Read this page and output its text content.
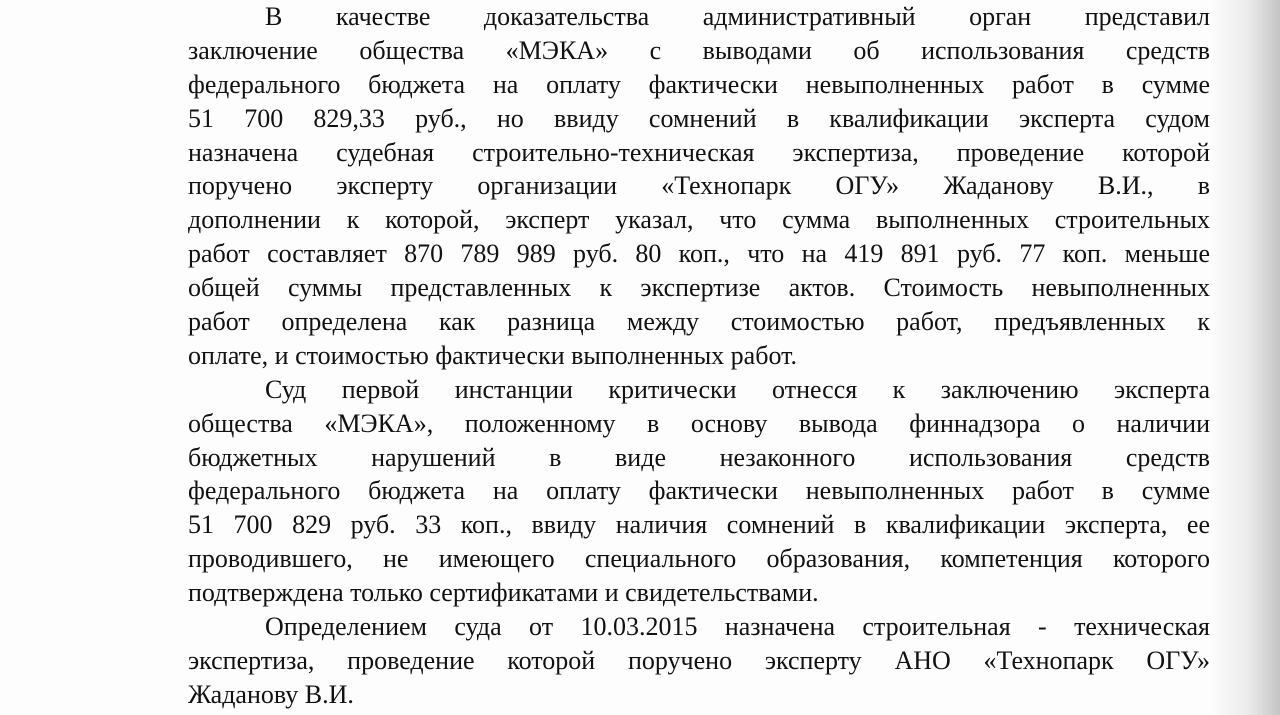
В качестве доказательства административный орган представил
заключение общества «МЭКА» с выводами об использования средств
федерального бюджета на оплату фактически невыполненных работ в сумме
51 700 829,33 руб., но ввиду сомнений в квалификации эксперта судом
назначена судебная строительно-техническая экспертиза, проведение которой
поручено эксперту организации «Технопарк ОГУ» Жаданову В.И., в
дополнении к которой, эксперт указал, что сумма выполненных строительных
работ составляет 870 789 989 руб. 80 коп., что на 419 891 руб. 77 коп. меньше
общей суммы представленных к экспертизе актов. Стоимость невыполненных
работ определена как разница между стоимостью работ, предъявленных к
оплате, и стоимостью фактически выполненных работ.
Суд первой инстанции критически отнесся к заключению эксперта
общества «МЭКА», положенному в основу вывода финнадзора о наличии
бюджетных нарушений в виде незаконного использования средств
федерального бюджета на оплату фактически невыполненных работ в сумме
51 700 829 руб. 33 коп., ввиду наличия сомнений в квалификации эксперта, ее
проводившего, не имеющего специального образования, компетенция которого
подтверждена только сертификатами и свидетельствами.
Определением суда от 10.03.2015 назначена строительная - техническая
экспертиза, проведение которой поручено эксперту АНО «Технопарк ОГУ»
Жаданову В.И.
